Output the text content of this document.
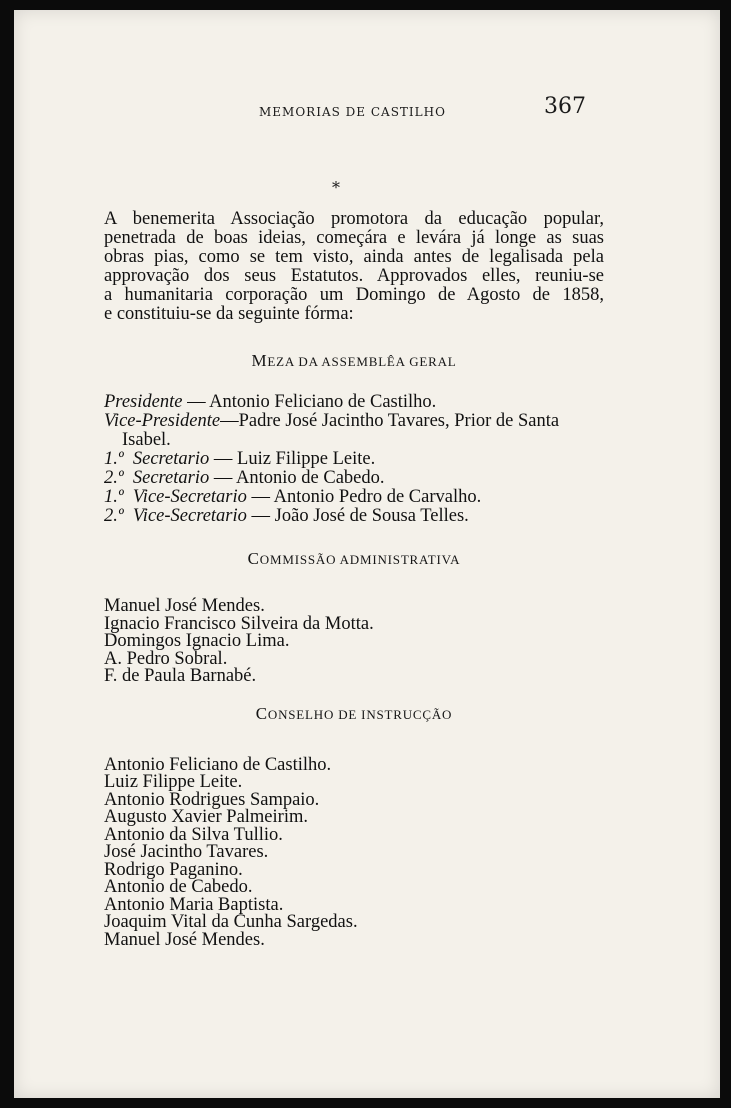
MEMORIAS DE CASTILHO	367
*
A benemerita Associação promotora da educação popular,
penetrada de boas ideias, começára e levára já longe as suas
obras pias, como se tem visto, ainda antes de legalisada pela
approvação dos seus Estatutos. Approvados elles, reuniu-se
a humanitaria corporação um Domingo de Agosto de 1858,
e constituiu-se da seguinte fórma:
MEZA DA ASSEMBLÊA GERAL
Presidente — Antonio Feliciano de Castilho.
Vice-Presidente—Padre José Jacintho Tavares, Prior de Santa
Isabel.
1.º Secretario — Luiz Filippe Leite.
2.º Secretario — Antonio de Cabedo.
1.º Vice-Secretario — Antonio Pedro de Carvalho.
2.º Vice-Secretario — João José de Sousa Telles.
COMMISSÃO ADMINISTRATIVA
Manuel José Mendes.
Ignacio Francisco Silveira da Motta.
Domingos Ignacio Lima.
A. Pedro Sobral.
F. de Paula Barnabé.
CONSELHO DE INSTRUCÇÃO
Antonio Feliciano de Castilho.
Luiz Filippe Leite.
Antonio Rodrigues Sampaio.
Augusto Xavier Palmeirim.
Antonio da Silva Tullio.
José Jacintho Tavares.
Rodrigo Paganino.
Antonio de Cabedo.
Antonio Maria Baptista.
Joaquim Vital da Cunha Sargedas.
Manuel José Mendes.
